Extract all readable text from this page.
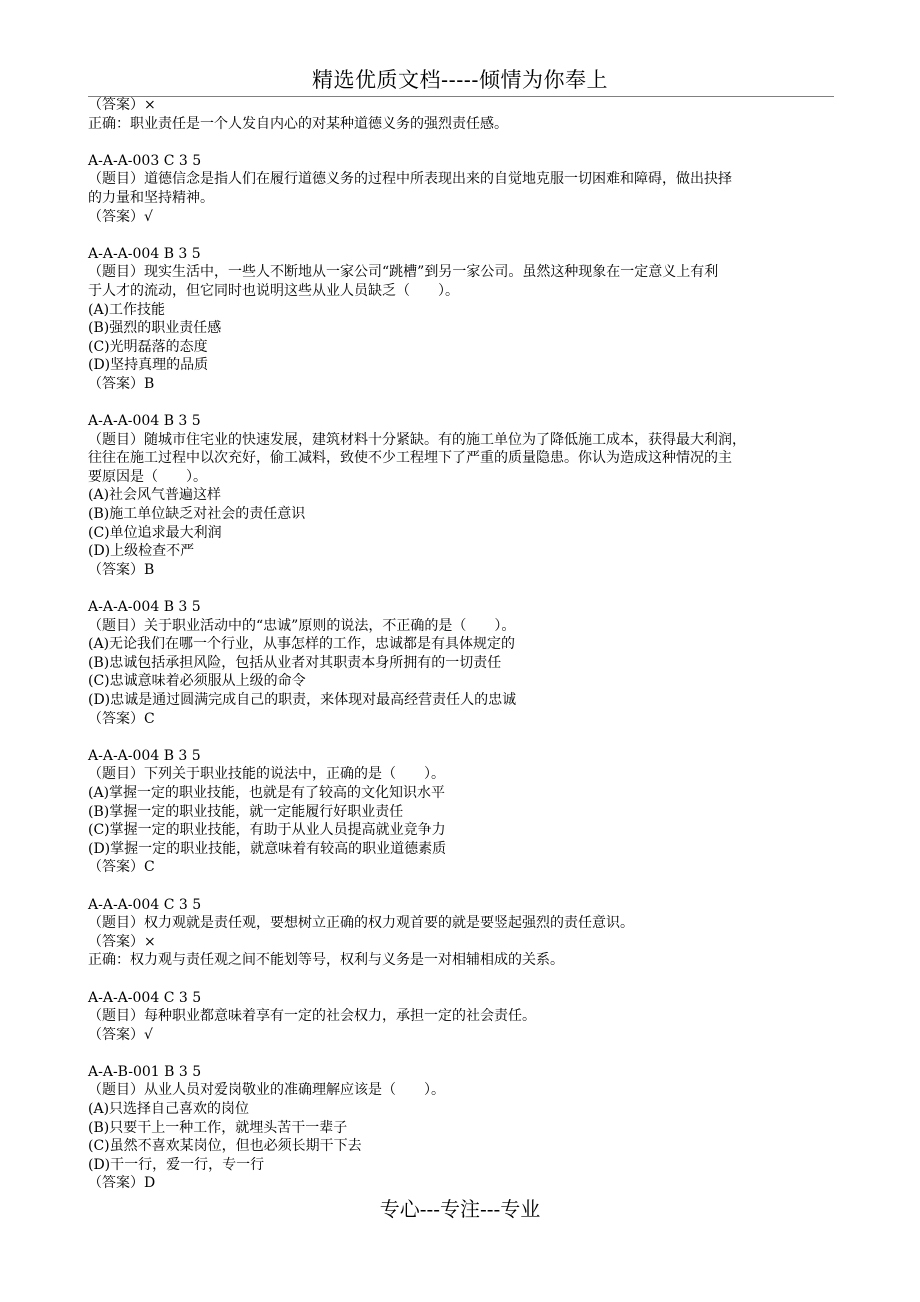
精选优质文档-----倾情为你奉上
（答案）×
正确：职业责任是一个人发自内心的对某种道德义务的强烈责任感。
A-A-A-003 C 3 5
（题目）道德信念是指人们在履行道德义务的过程中所表现出来的自觉地克服一切困难和障碍，做出抉择
的力量和坚持精神。
（答案）√
A-A-A-004 B 3 5
（题目）现实生活中，一些人不断地从一家公司“跳槽”到另一家公司。虽然这种现象在一定意义上有利
于人才的流动，但它同时也说明这些从业人员缺乏（　　）。
(A)工作技能
(B)强烈的职业责任感
(C)光明磊落的态度
(D)坚持真理的品质
（答案）B
A-A-A-004 B 3 5
（题目）随城市住宅业的快速发展，建筑材料十分紧缺。有的施工单位为了降低施工成本，获得最大利润，
往往在施工过程中以次充好，偷工减料，致使不少工程埋下了严重的质量隐患。你认为造成这种情况的主
要原因是（　　）。
(A)社会风气普遍这样
(B)施工单位缺乏对社会的责任意识
(C)单位追求最大利润
(D)上级检查不严
（答案）B
A-A-A-004 B 3 5
（题目）关于职业活动中的“忠诚”原则的说法，不正确的是（　　）。
(A)无论我们在哪一个行业，从事怎样的工作，忠诚都是有具体规定的
(B)忠诚包括承担风险，包括从业者对其职责本身所拥有的一切责任
(C)忠诚意味着必须服从上级的命令
(D)忠诚是通过圆满完成自己的职责，来体现对最高经营责任人的忠诚
（答案）C
A-A-A-004 B 3 5
（题目）下列关于职业技能的说法中，正确的是（　　）。
(A)掌握一定的职业技能，也就是有了较高的文化知识水平
(B)掌握一定的职业技能，就一定能履行好职业责任
(C)掌握一定的职业技能，有助于从业人员提高就业竞争力
(D)掌握一定的职业技能，就意味着有较高的职业道德素质
（答案）C
A-A-A-004 C 3 5
（题目）权力观就是责任观，要想树立正确的权力观首要的就是要竖起强烈的责任意识。
（答案）×
正确：权力观与责任观之间不能划等号，权利与义务是一对相辅相成的关系。
A-A-A-004 C 3 5
（题目）每种职业都意味着享有一定的社会权力，承担一定的社会责任。
（答案）√
A-A-B-001 B 3 5
（题目）从业人员对爱岗敬业的准确理解应该是（　　）。
(A)只选择自己喜欢的岗位
(B)只要干上一种工作，就埋头苦干一辈子
(C)虽然不喜欢某岗位，但也必须长期干下去
(D)干一行，爱一行，专一行
（答案）D
专心---专注---专业
